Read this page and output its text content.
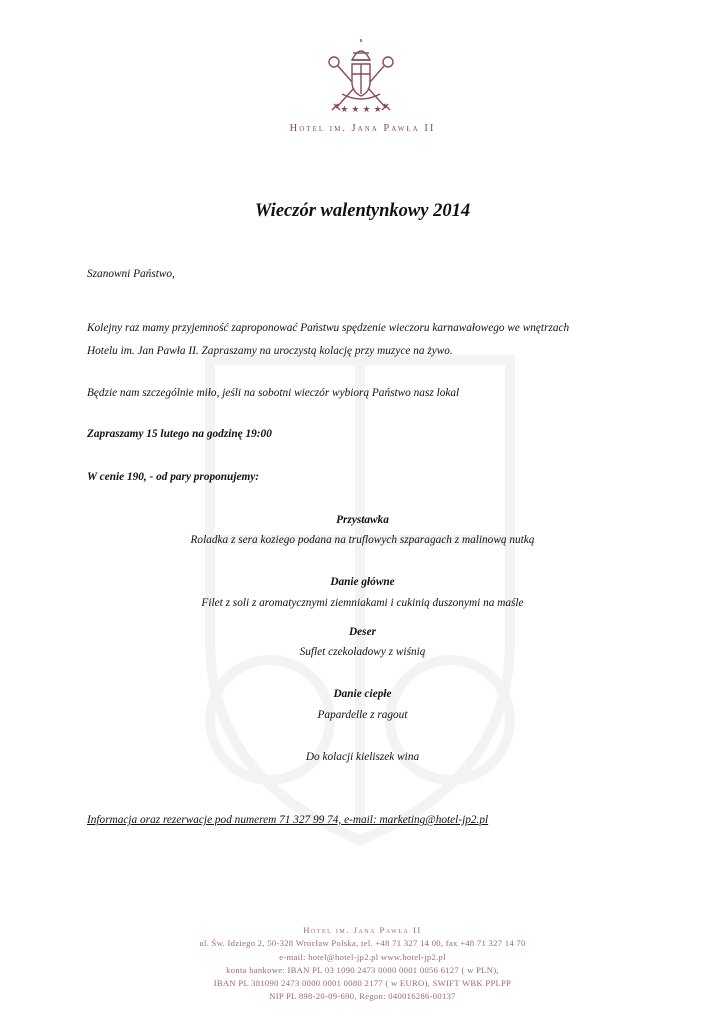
★★★★
Hotel im. Jana Pawła II
Wieczór walentynkowy 2014

Szanowni Państwo,

Kolejny raz mamy przyjemność zaproponować Państwu spędzenie wieczoru karnawałowego we wnętrzach

Hotelu im. Jan Pawła II. Zapraszamy na uroczystą kolację przy muzyce na żywo.

Będzie nam szczególnie miło, jeśli na sobotni wieczór wybiorą Państwo nasz lokal

Zapraszamy 15 lutego na godzinę 19:00

W cenie 190, - od pary proponujemy:

Przystawka

Roladka z sera koziego podana na truflowych szparagach z malinową nutką

Danie główne

Filet z soli z aromatycznymi ziemniakami i cukinią duszonymi na maśle

Deser

Suflet czekoladowy z wiśnią

Danie ciepłe

Papardelle z ragout

Do kolacji kieliszek wina

Informacja oraz rezerwacje pod numerem 71 327 99 74, e-mail: marketing@hotel-jp2.pl

Hotel im. Jana Pawła II
ul. Św. Idziego 2, 50-328 Wrocław Polska, tel. +48 71 327 14 00, fax +48 71 327 14 70
e-mail: hotel@hotel-jp2.pl www.hotel-jp2.pl
konta bankowe: IBAN PL 03 1090 2473 0000 0001 0056 6127 ( w PLN),
IBAN PL 381090 2473 0000 0001 0080 2177 ( w EURO), SWIFT WBK PPLPP
NIP PL 898-20-09-690, Regon: 040016286-00137
